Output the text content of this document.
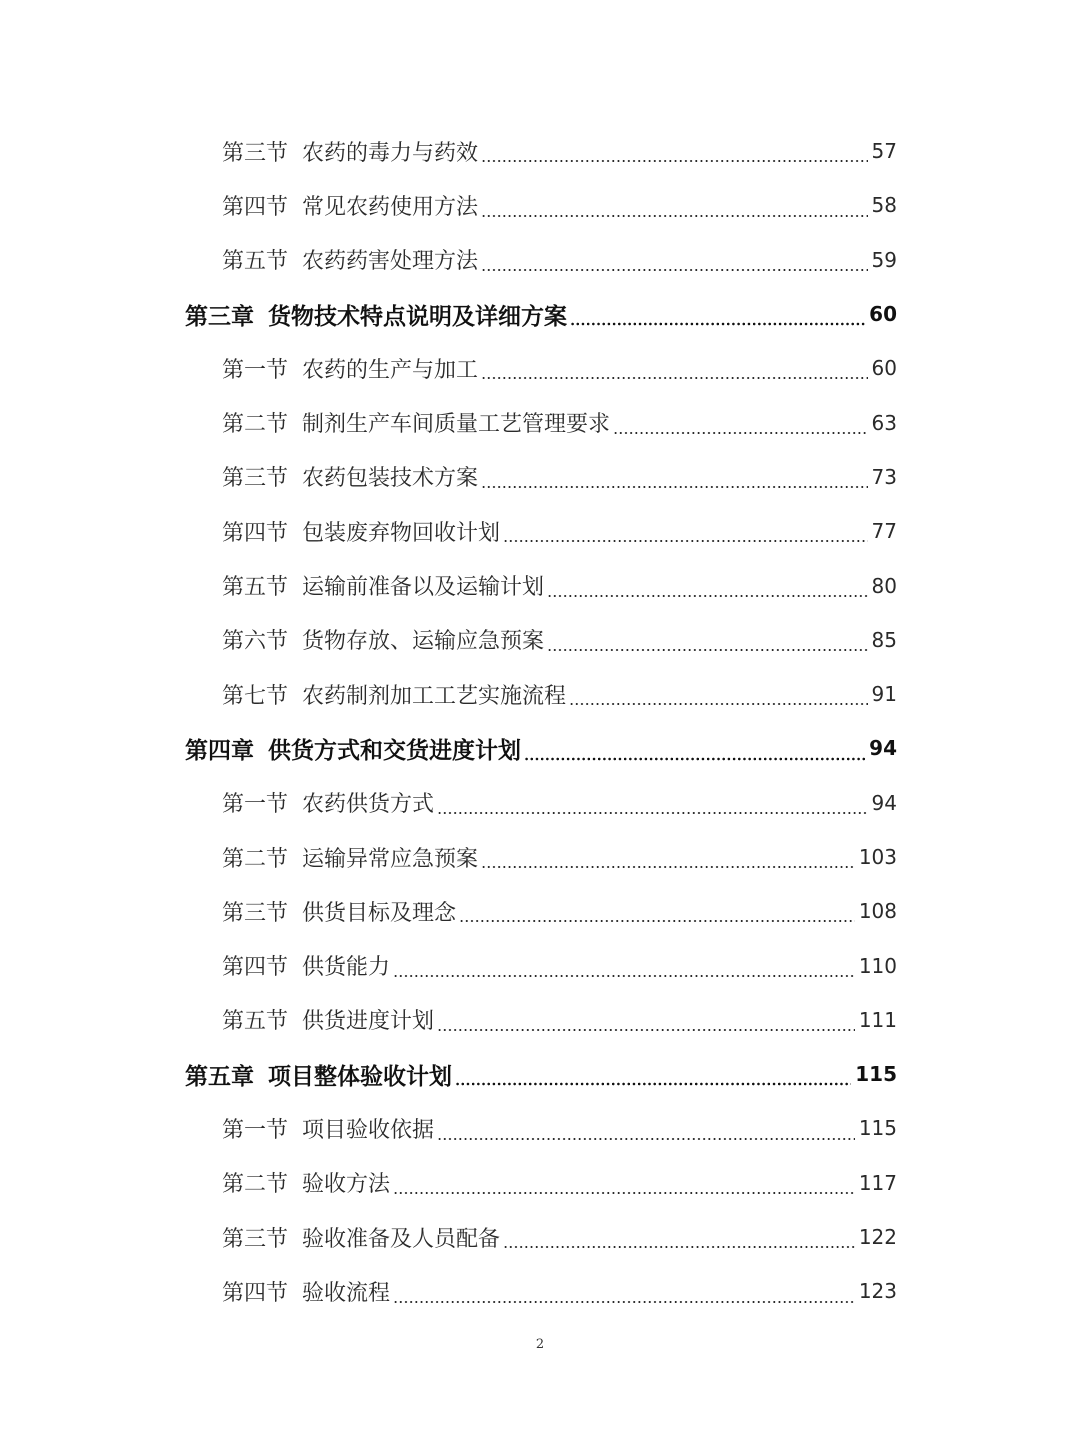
第三节 农药的毒力与药效	57
第四节 常见农药使用方法	58
第五节 农药药害处理方法	59
第三章 货物技术特点说明及详细方案	60
第一节 农药的生产与加工	60
第二节 制剂生产车间质量工艺管理要求	63
第三节 农药包装技术方案	73
第四节 包装废弃物回收计划	77
第五节 运输前准备以及运输计划	80
第六节 货物存放、运输应急预案	85
第七节 农药制剂加工工艺实施流程	91
第四章 供货方式和交货进度计划	94
第一节 农药供货方式	94
第二节 运输异常应急预案	103
第三节 供货目标及理念	108
第四节 供货能力	110
第五节 供货进度计划	111
第五章 项目整体验收计划	115
第一节 项目验收依据	115
第二节 验收方法	117
第三节 验收准备及人员配备	122
第四节 验收流程	123
2
